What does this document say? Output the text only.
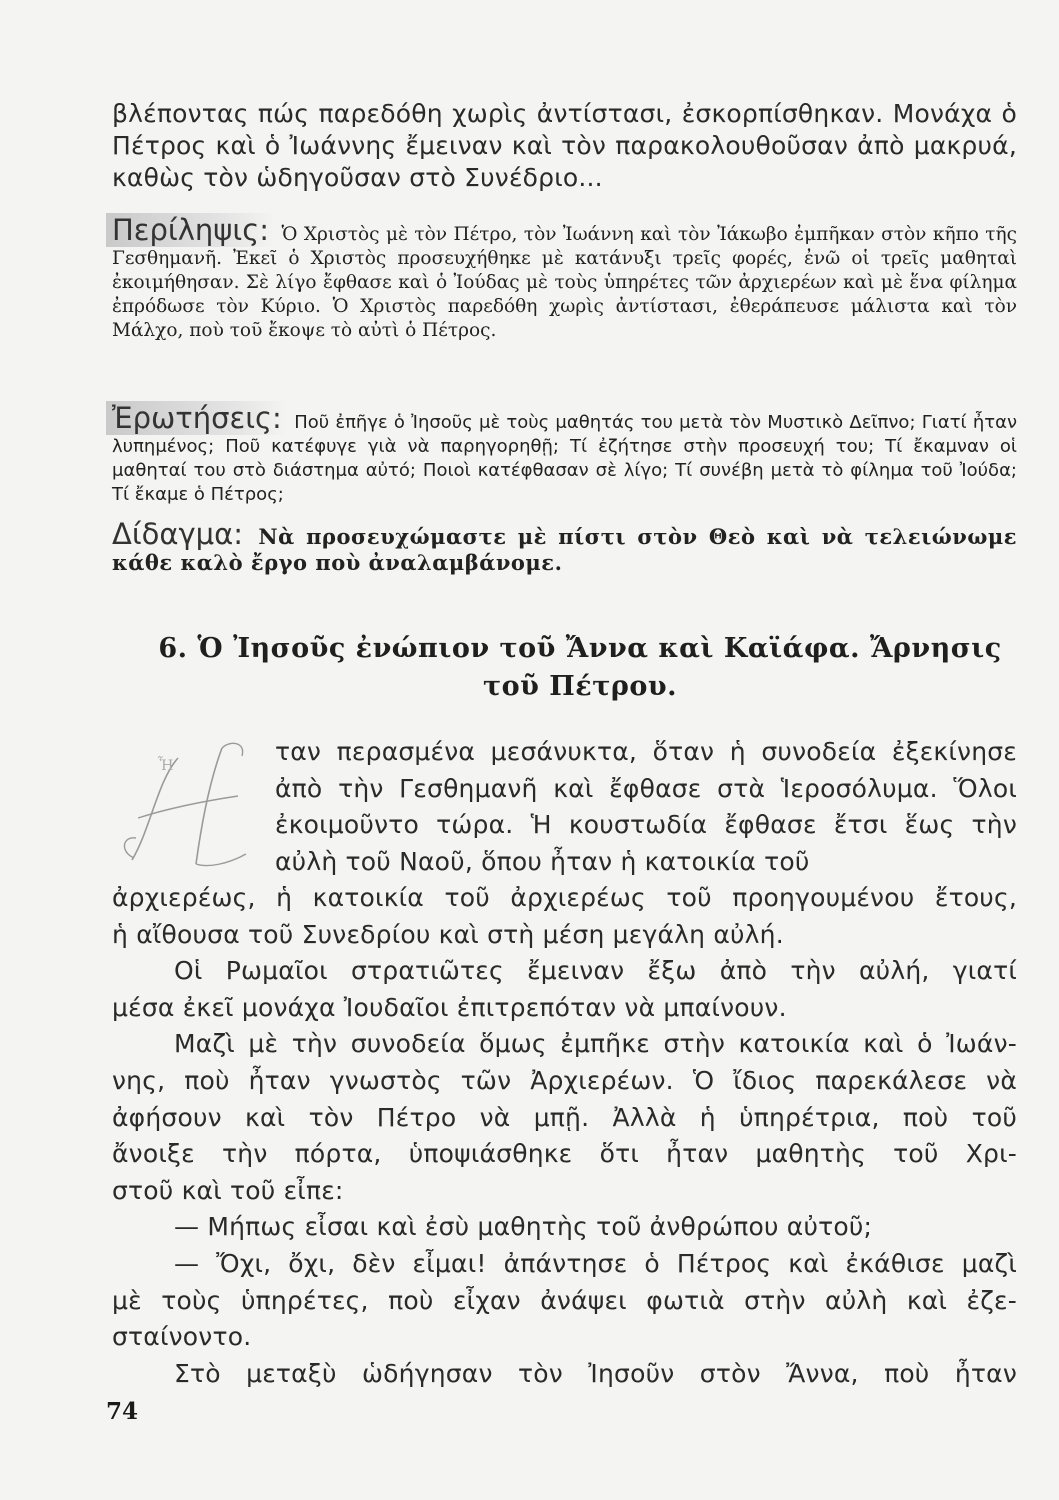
βλέποντας πώς παρεδόθη χωρὶς ἀντίστασι, ἐσκορπίσθηκαν. Μονάχα ὁ Πέτρος καὶ ὁ Ἰωάννης ἔμειναν καὶ τὸν παρακολουθοῦσαν ἀπὸ μακρυά, καθὼς τὸν ὡδηγοῦσαν στὸ Συνέδριο...
Περίληψις: Ὁ Χριστὸς μὲ τὸν Πέτρο, τὸν Ἰωάννη καὶ τὸν Ἰάκωβο ἐμπῆκαν στὸν κῆπο τῆς Γεσθημανῆ. Ἐκεῖ ὁ Χριστὸς προσευχήθηκε μὲ κατάνυξι τρεῖς φορές, ἐνῶ οἱ τρεῖς μαθηταὶ ἐκοιμήθησαν. Σὲ λίγο ἔφθασε καὶ ὁ Ἰούδας μὲ τοὺς ὑπηρέτες τῶν ἀρχιερέων καὶ μὲ ἕνα φίλημα ἐπρόδωσε τὸν Κύριο. Ὁ Χριστὸς παρεδόθη χωρὶς ἀντίστασι, ἐθεράπευσε μάλιστα καὶ τὸν Μάλχο, ποὺ τοῦ ἔκοψε τὸ αὐτὶ ὁ Πέτρος.
Ἐρωτήσεις: Ποῦ ἐπῆγε ὁ Ἰησοῦς μὲ τοὺς μαθητάς του μετὰ τὸν Μυστικὸ Δεῖπνο; Γιατί ἦταν λυπημένος; Ποῦ κατέφυγε γιὰ νὰ παρηγορηθῇ; Τί ἐζήτησε στὴν προσευχή του; Τί ἔκαμναν οἱ μαθηταί του στὸ διάστημα αὐτό; Ποιοὶ κατέφθασαν σὲ λίγο; Τί συνέβη μετὰ τὸ φίλημα τοῦ Ἰούδα; Τί ἔκαμε ὁ Πέτρος;
Δίδαγμα: Νὰ προσευχώμαστε μὲ πίστι στὸν Θεὸ καὶ νὰ τελειώνωμε κάθε καλὸ ἔργο ποὺ ἀναλαμβάνομε.
6. Ὁ Ἰησοῦς ἐνώπιον τοῦ Ἄννα καὶ Καϊάφα. Ἄρνησις τοῦ Πέτρου.
Ἦ	ταν περασμένα μεσάνυκτα, ὅταν ἡ συνοδεία ἐξεκίνησε ἀπὸ τὴν Γεσθημανῆ καὶ ἔφθασε στὰ Ἱεροσόλυμα. Ὅλοι ἐκοιμοῦντο τώρα. Ἡ κουστωδία ἔφθασε ἔτσι ἕως τὴν αὐλὴ τοῦ Ναοῦ, ὅπου ἦταν ἡ κατοικία τοῦ
ἀρχιερέως, ἡ κατοικία τοῦ ἀρχιερέως τοῦ προηγουμένου ἔτους,
ἡ αἴθουσα τοῦ Συνεδρίου καὶ στὴ μέση μεγάλη αὐλή.
Οἱ Ρωμαῖοι στρατιῶτες ἔμειναν ἔξω ἀπὸ τὴν αὐλή, γιατί
μέσα ἐκεῖ μονάχα Ἰουδαῖοι ἐπιτρεπόταν νὰ μπαίνουν.
Μαζὶ μὲ τὴν συνοδεία ὅμως ἐμπῆκε στὴν κατοικία καὶ ὁ Ἰωάν-
νης, ποὺ ἦταν γνωστὸς τῶν Ἀρχιερέων. Ὁ ἴδιος παρεκάλεσε νὰ
ἀφήσουν καὶ τὸν Πέτρο νὰ μπῇ. Ἀλλὰ ἡ ὑπηρέτρια, ποὺ τοῦ
ἄνοιξε τὴν πόρτα, ὑποψιάσθηκε ὅτι ἦταν μαθητὴς τοῦ Χρι-
στοῦ καὶ τοῦ εἶπε:
— Μήπως εἶσαι καὶ ἐσὺ μαθητὴς τοῦ ἀνθρώπου αὐτοῦ;
— Ὄχι, ὄχι, δὲν εἶμαι! ἀπάντησε ὁ Πέτρος καὶ ἐκάθισε μαζὶ
μὲ τοὺς ὑπηρέτες, ποὺ εἶχαν ἀνάψει φωτιὰ στὴν αὐλὴ καὶ ἐζε-
σταίνοντο.
Στὸ μεταξὺ ὡδήγησαν τὸν Ἰησοῦν στὸν Ἄννα, ποὺ ἦταν
74
